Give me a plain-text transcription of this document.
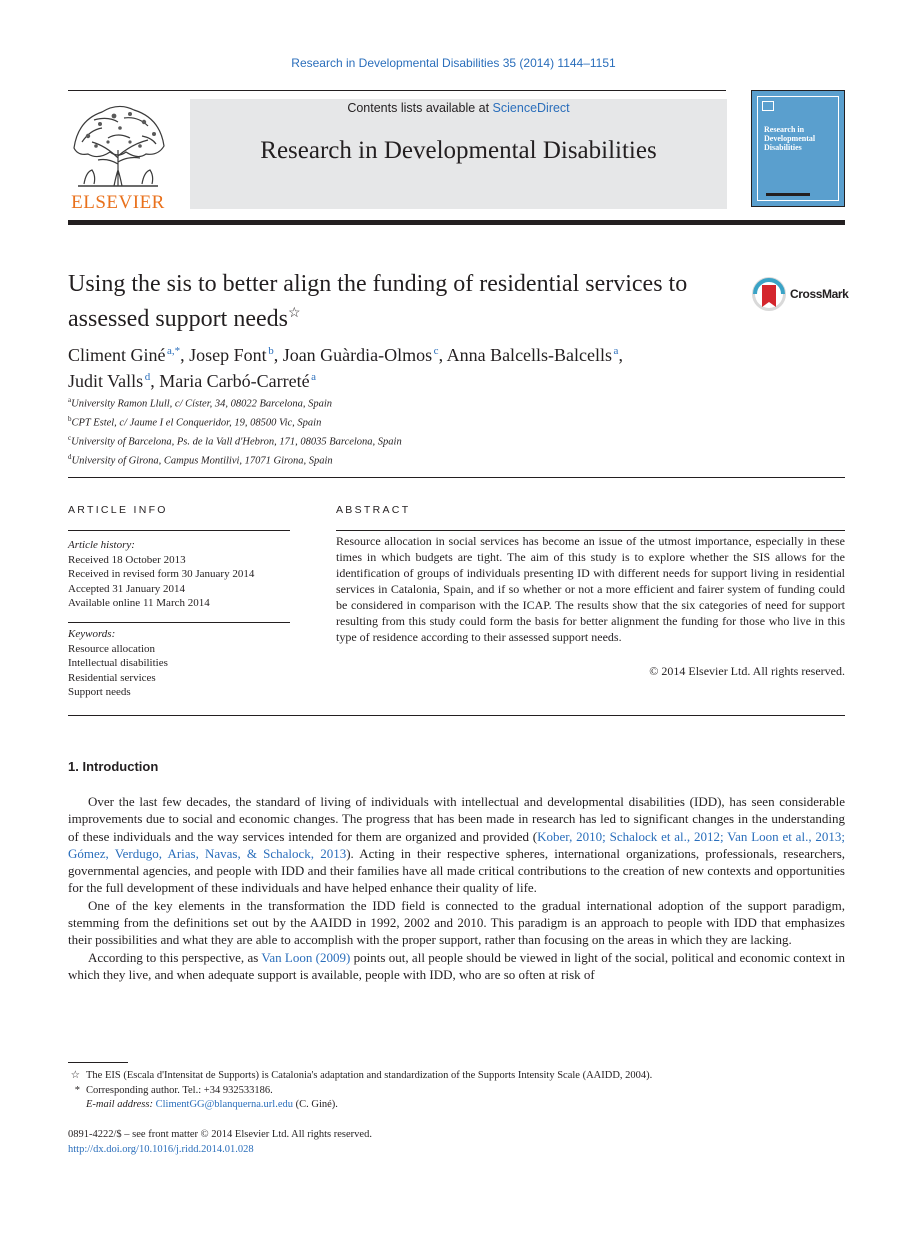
Research in Developmental Disabilities 35 (2014) 1144–1151
ELSEVIER
Contents lists available at ScienceDirect
Research in Developmental Disabilities
Research in Developmental Disabilities
Using the sis to better align the funding of residential services to assessed support needs☆
CrossMark
Climent Giné  $^{a,*}$, Josep Font  $^b$, Joan Guàrdia-Olmos  $^c$, Anna Balcells-Balcells  $^a$,
Judit Valls  $^d$, Maria Carbó-Carreté  $^a$
$^a$University Ramon Llull, c/ Císter, 34, 08022 Barcelona, Spain
$^b$CPT Estel, c/ Jaume I el Conqueridor, 19, 08500 Vic, Spain
$^c$University of Barcelona, Ps. de la Vall d'Hebron, 171, 08035 Barcelona, Spain
$^d$University of Girona, Campus Montilivi, 17071 Girona, Spain
ARTICLE INFO	ABSTRACT
Article history:
Received 18 October 2013
Received in revised form 30 January 2014
Accepted 31 January 2014
Available online 11 March 2014
Keywords:
Resource allocation
Intellectual disabilities
Residential services
Support needs
Resource allocation in social services has become an issue of the utmost importance, especially in these times in which budgets are tight. The aim of this study is to explore whether the SIS allows for the identification of groups of individuals presenting ID with different needs for support living in residential services in Catalonia, Spain, and if so whether or not a more efficient and fairer system of funding could be considered in comparison with the ICAP. The results show that the six categories of need for support resulting from this study could form the basis for better alignment the funding for those who live in this type of residence according to their assessed support needs.
© 2014 Elsevier Ltd. All rights reserved.
1. Introduction

Over the last few decades, the standard of living of individuals with intellectual and developmental disabilities (IDD), has seen considerable improvements due to social and economic changes. The progress that has been made in research has led to significant changes in the understanding of these individuals and the way services intended for them are organized and provided (Kober, 2010; Schalock et al., 2012; Van Loon et al., 2013; Gómez, Verdugo, Arias, Navas, & Schalock, 2013). Acting in their respective spheres, international organizations, professionals, researchers, governmental agencies, and people with IDD and their families have all made critical contributions to the creation of new contexts and opportunities for the full development of these individuals and have helped enhance their quality of life.

One of the key elements in the transformation the IDD field is connected to the gradual international adoption of the support paradigm, stemming from the definitions set out by the AAIDD in 1992, 2002 and 2010. This paradigm is an approach to people with IDD that emphasizes their possibilities and what they are able to accomplish with the proper support, rather than focusing on the areas in which they are lacking.

According to this perspective, as Van Loon (2009) points out, all people should be viewed in light of the social, political and economic context in which they live, and when adequate support is available, people with IDD, who are so often at risk of

☆ The EIS (Escala d'Intensitat de Supports) is Catalonia's adaptation and standardization of the Supports Intensity Scale (AAIDD, 2004).
* Corresponding author. Tel.: +34 932533186.
E-mail address: ClimentGG@blanquerna.url.edu (C. Giné).
0891-4222/$ – see front matter © 2014 Elsevier Ltd. All rights reserved.
http://dx.doi.org/10.1016/j.ridd.2014.01.028
